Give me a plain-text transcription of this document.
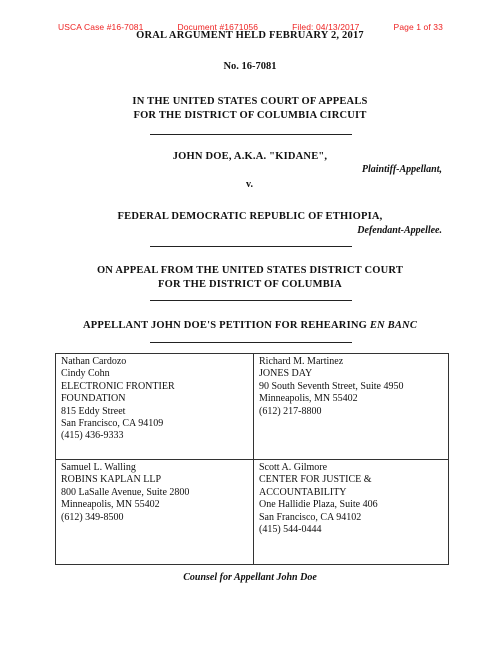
USCA Case #16-7081	Document #1671056	Filed: 04/13/2017	Page 1 of 33
ORAL ARGUMENT HELD FEBRUARY 2, 2017
No. 16-7081
IN THE UNITED STATES COURT OF APPEALS
FOR THE DISTRICT OF COLUMBIA CIRCUIT
JOHN DOE, A.K.A. "KIDANE",
Plaintiff-Appellant,
v.
FEDERAL DEMOCRATIC REPUBLIC OF ETHIOPIA,
Defendant-Appellee.
ON APPEAL FROM THE UNITED STATES DISTRICT COURT
FOR THE DISTRICT OF COLUMBIA
APPELLANT JOHN DOE'S PETITION FOR REHEARING EN BANC
Nathan Cardozo
Cindy Cohn
ELECTRONIC FRONTIER
FOUNDATION
815 Eddy Street
San Francisco, CA 94109
(415) 436-9333
Richard M. Martinez
JONES DAY
90 South Seventh Street, Suite 4950
Minneapolis, MN 55402
(612) 217-8800
Samuel L. Walling
ROBINS KAPLAN LLP
800 LaSalle Avenue, Suite 2800
Minneapolis, MN 55402
(612) 349-8500
Scott A. Gilmore
CENTER FOR JUSTICE &
ACCOUNTABILITY
One Hallidie Plaza, Suite 406
San Francisco, CA 94102
(415) 544-0444
Counsel for Appellant John Doe
